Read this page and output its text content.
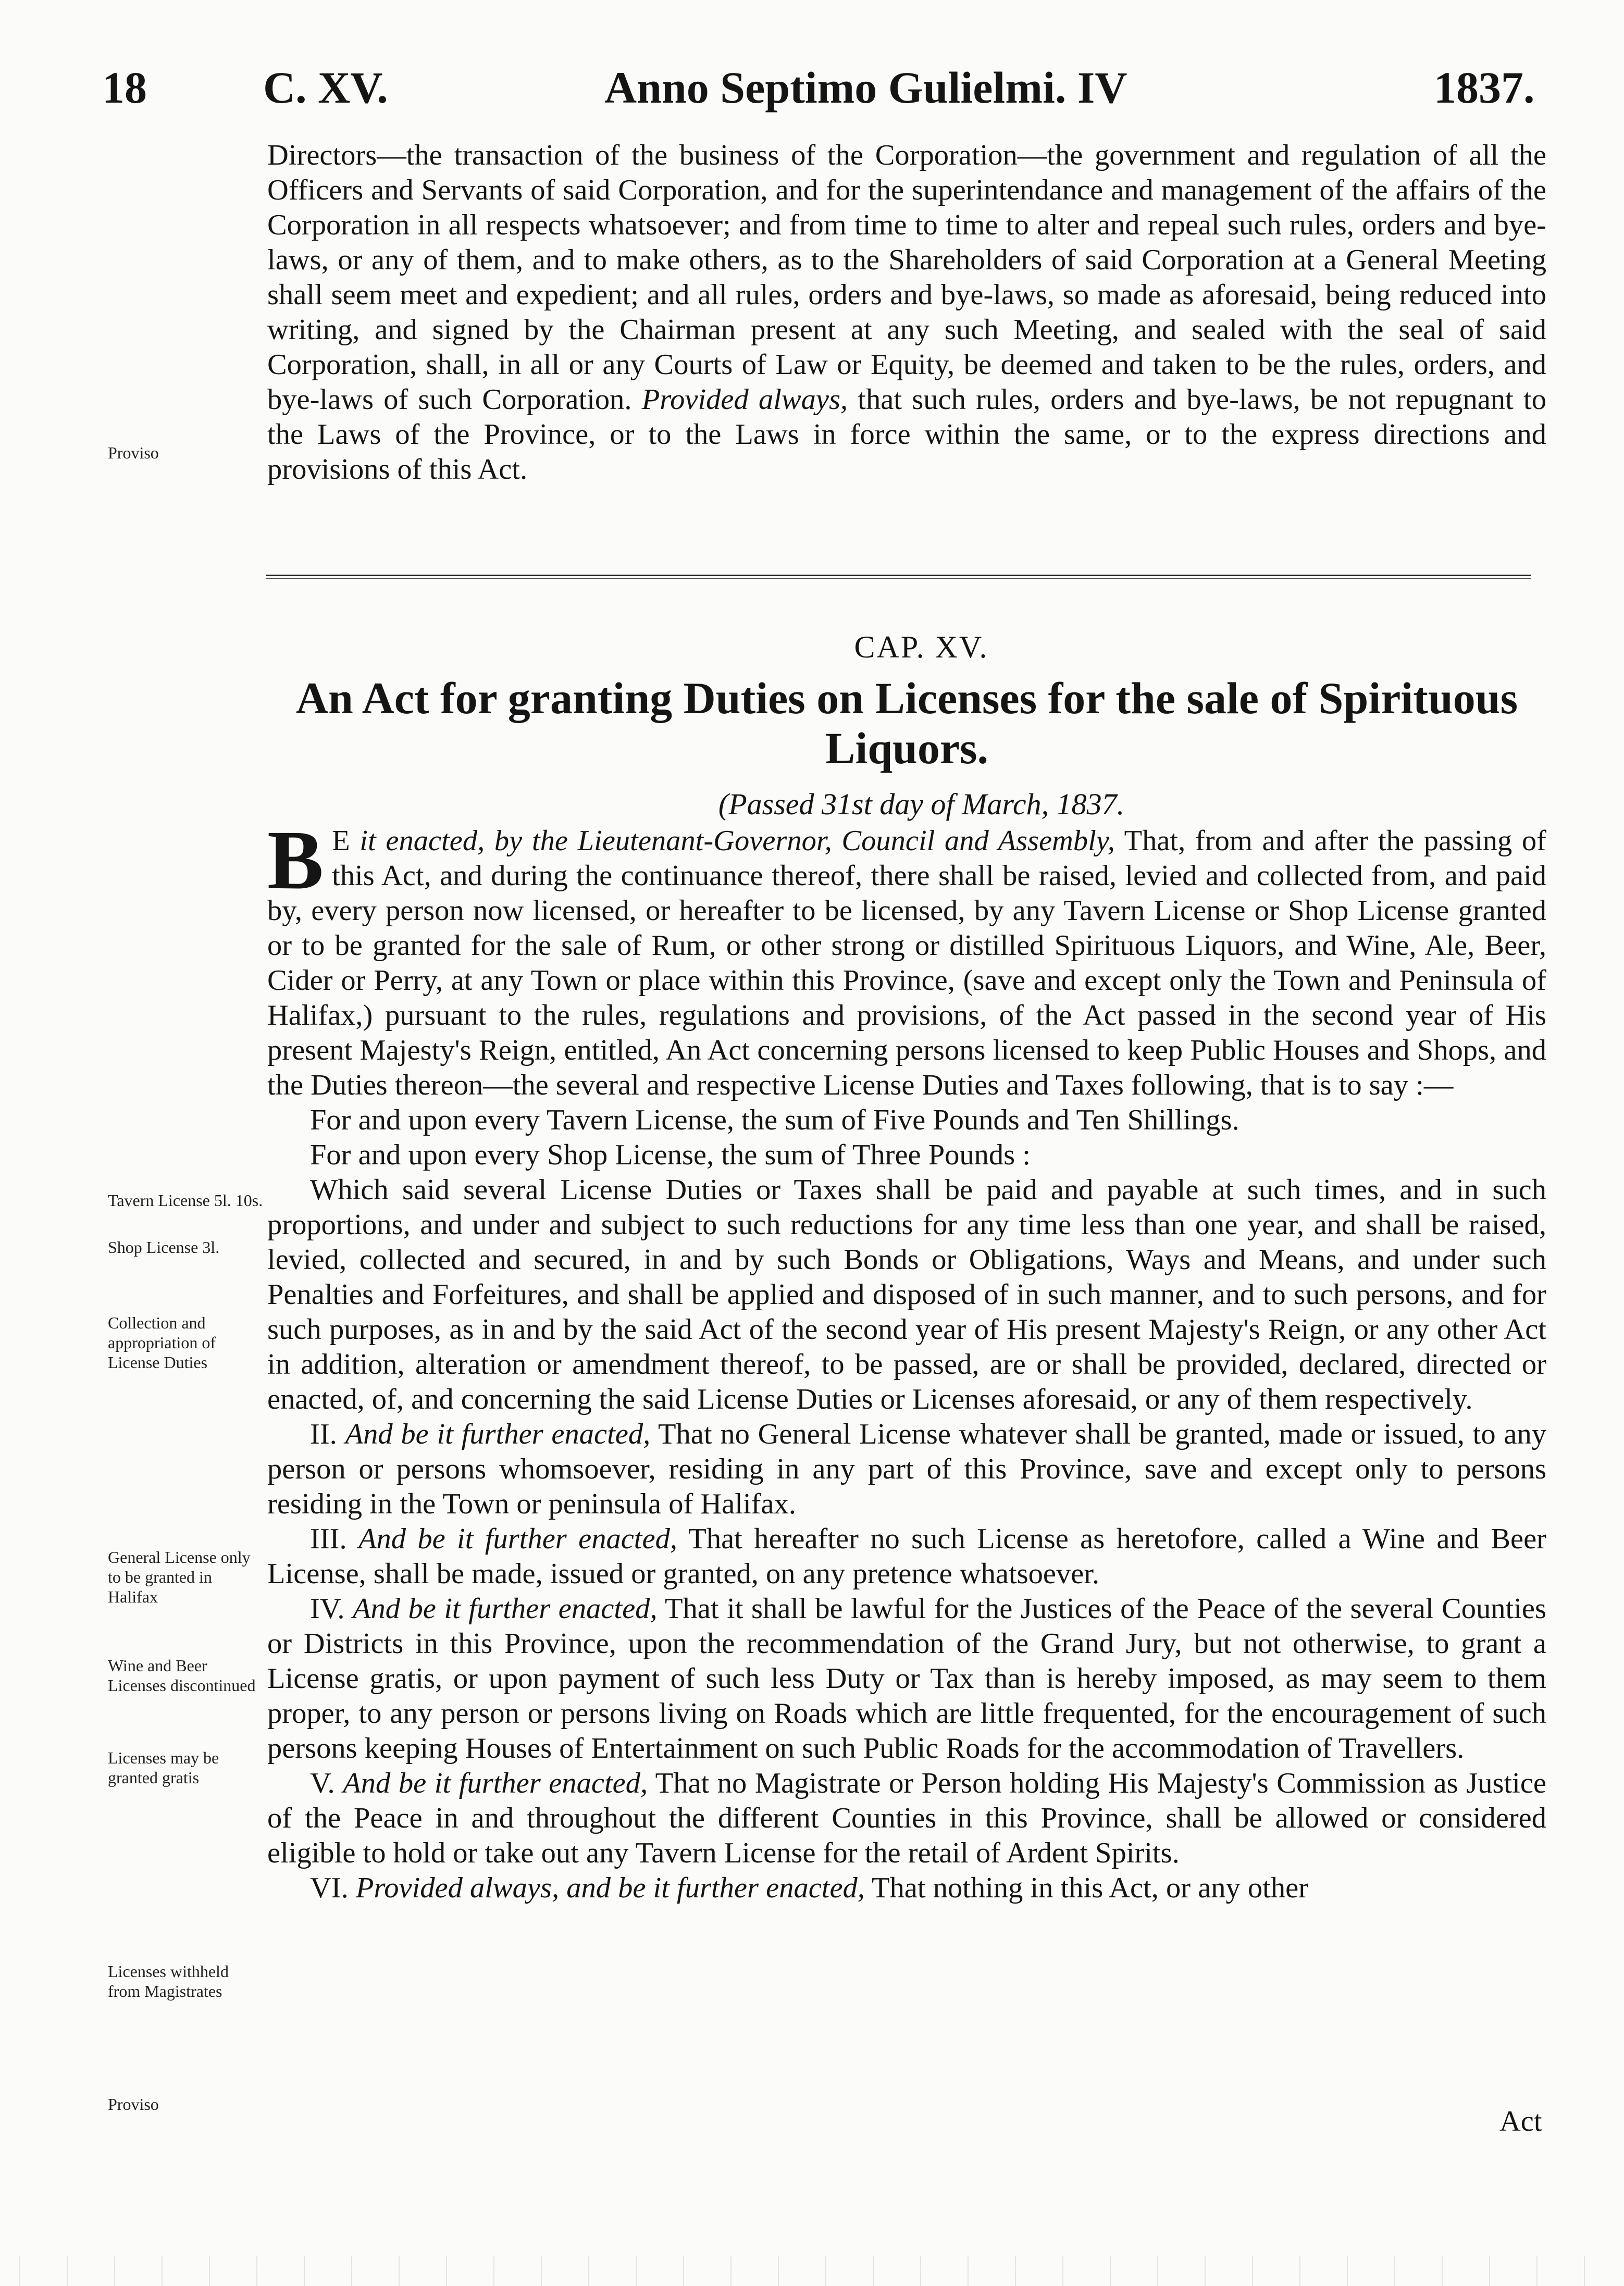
18	C. XV.	Anno Septimo Gulielmi. IV	1837.

Directors—the transaction of the business of the Corporation—the government and regulation of all the Officers and Servants of said Corporation, and for the superintendance and management of the affairs of the Corporation in all respects whatsoever; and from time to time to alter and repeal such rules, orders and bye-laws, or any of them, and to make others, as to the Shareholders of said Corporation at a General Meeting shall seem meet and expedient; and all rules, orders and bye-laws, so made as aforesaid, being reduced into writing, and signed by the Chairman present at any such Meeting, and sealed with the seal of said Corporation, shall, in all or any Courts of Law or Equity, be deemed and taken to be the rules, orders, and bye-laws of such Corporation. Provided always, that such rules, orders and bye-laws, be not repugnant to the Laws of the Province, or to the Laws in force within the same, or to the express directions and provisions of this Act.

CAP. XV.
An Act for granting Duties on Licenses for the sale of Spirituous Liquors.
(Passed 31st day of March, 1837.

B E it enacted, by the Lieutenant-Governor, Council and Assembly, That, from and after the passing of this Act, and during the continuance thereof, there shall be raised, levied and collected from, and paid by, every person now licensed, or hereafter to be licensed, by any Tavern License or Shop License granted or to be granted for the sale of Rum, or other strong or distilled Spirituous Liquors, and Wine, Ale, Beer, Cider or Perry, at any Town or place within this Province, (save and except only the Town and Peninsula of Halifax,) pursuant to the rules, regulations and provisions, of the Act passed in the second year of His present Majesty's Reign, entitled, An Act concerning persons licensed to keep Public Houses and Shops, and the Duties thereon—the several and respective License Duties and Taxes following, that is to say :—

For and upon every Tavern License, the sum of Five Pounds and Ten Shillings.

For and upon every Shop License, the sum of Three Pounds :

Which said several License Duties or Taxes shall be paid and payable at such times, and in such proportions, and under and subject to such reductions for any time less than one year, and shall be raised, levied, collected and secured, in and by such Bonds or Obligations, Ways and Means, and under such Penalties and Forfeitures, and shall be applied and disposed of in such manner, and to such persons, and for such purposes, as in and by the said Act of the second year of His present Majesty's Reign, or any other Act in addition, alteration or amendment thereof, to be passed, are or shall be provided, declared, directed or enacted, of, and concerning the said License Duties or Licenses aforesaid, or any of them respectively.

II. And be it further enacted, That no General License whatever shall be granted, made or issued, to any person or persons whomsoever, residing in any part of this Province, save and except only to persons residing in the Town or peninsula of Halifax.

III. And be it further enacted, That hereafter no such License as heretofore, called a Wine and Beer License, shall be made, issued or granted, on any pretence whatsoever.

IV. And be it further enacted, That it shall be lawful for the Justices of the Peace of the several Counties or Districts in this Province, upon the recommendation of the Grand Jury, but not otherwise, to grant a License gratis, or upon payment of such less Duty or Tax than is hereby imposed, as may seem to them proper, to any person or persons living on Roads which are little frequented, for the encouragement of such persons keeping Houses of Entertainment on such Public Roads for the accommodation of Travellers.

V. And be it further enacted, That no Magistrate or Person holding His Majesty's Commission as Justice of the Peace in and throughout the different Counties in this Province, shall be allowed or considered eligible to hold or take out any Tavern License for the retail of Ardent Spirits.

VI. Provided always, and be it further enacted, That nothing in this Act, or any other

Act
Proviso
Tavern License 5l. 10s.
Shop License 3l.
Collection and appropriation of License Duties
General License only to be granted in Halifax
Wine and Beer Licenses discontinued
Licenses may be granted gratis
Licenses withheld from Magistrates
Proviso
